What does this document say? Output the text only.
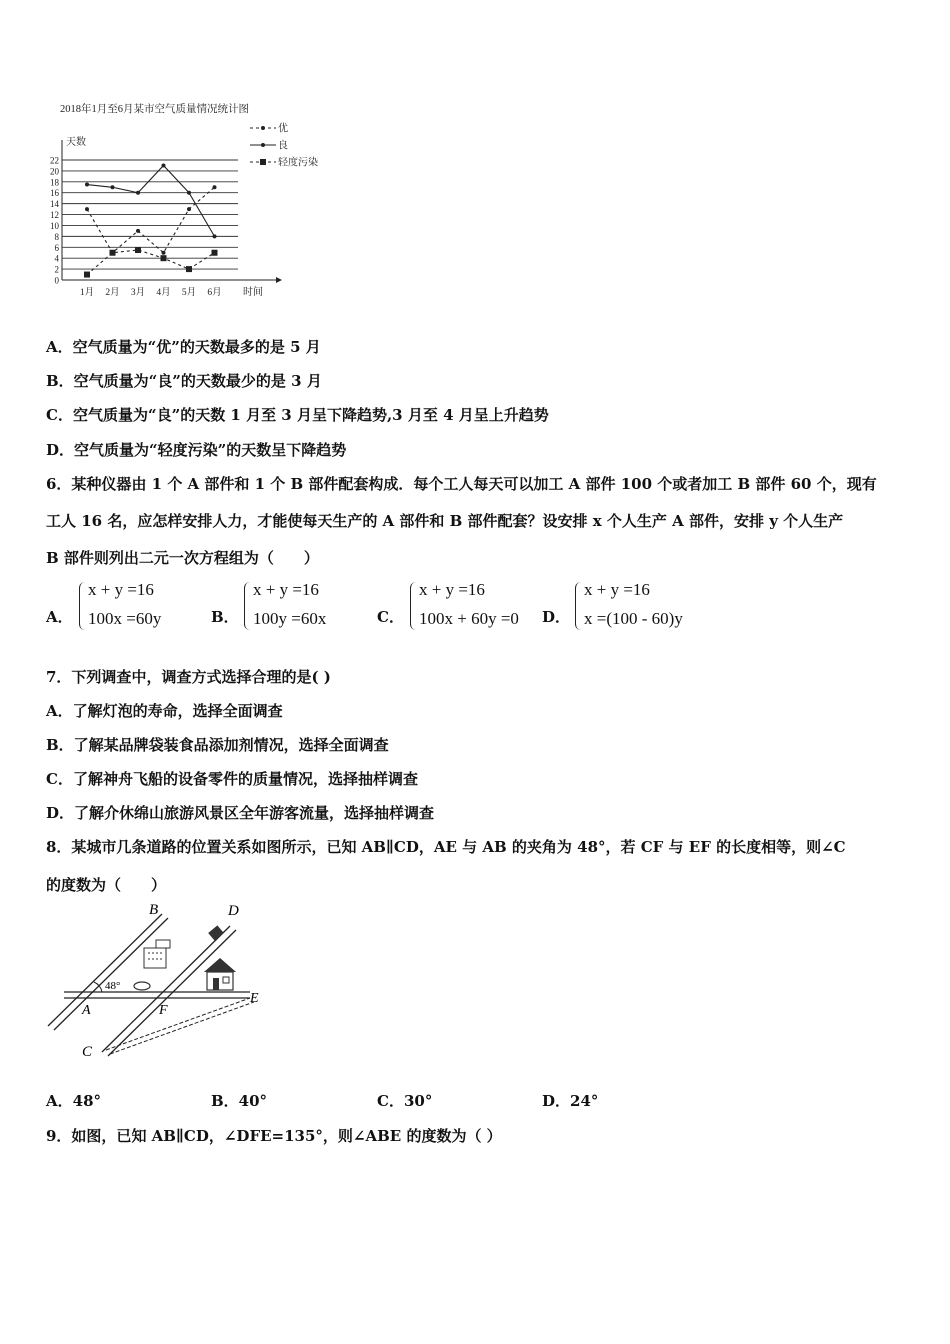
2018年1月至6月某市空气质量情况统计图
天数
时间
0
2
4
6
8
10
12
14
16
18
20
22
1月 2月 3月 4月 5月 6月
优
良
轻度污染
A．空气质量为“优”的天数最多的是 5 月
B．空气质量为“良”的天数最少的是 3 月
C．空气质量为“良”的天数 1 月至 3 月呈下降趋势,3 月至 4 月呈上升趋势
D．空气质量为“轻度污染”的天数呈下降趋势
6．某种仪器由 1 个 A 部件和 1 个 B 部件配套构成．每个工人每天可以加工 A 部件 100 个或者加工 B 部件 60 个，现有
工人 16 名，应怎样安排人力，才能使每天生产的 A 部件和 B 部件配套？设安排 x 个人生产 A 部件，安排 y 个人生产
B 部件则列出二元一次方程组为（　　）
A．
x + y =16
100x =60y	B．
x + y =16
100y =60x	C．
x + y =16
100x + 60y =0 D．
x + y =16
x =(100 - 60)y
7．下列调查中，调查方式选择合理的是( )
A．了解灯泡的寿命，选择全面调查
B．了解某品牌袋装食品添加剂情况，选择全面调查
C．了解神舟飞船的设备零件的质量情况，选择抽样调查
D．了解介休绵山旅游风景区全年游客流量，选择抽样调查
8．某城市几条道路的位置关系如图所示，已知 AB∥CD，AE 与 AB 的夹角为 48°，若 CF 与 EF 的长度相等，则∠C
的度数为（　　）
48°
B	D
A	F
E
C
A．48°	B．40°	C．30°	D．24°
9．如图，已知 AB∥CD，∠DFE=135°，则∠ABE 的度数为（ ）
